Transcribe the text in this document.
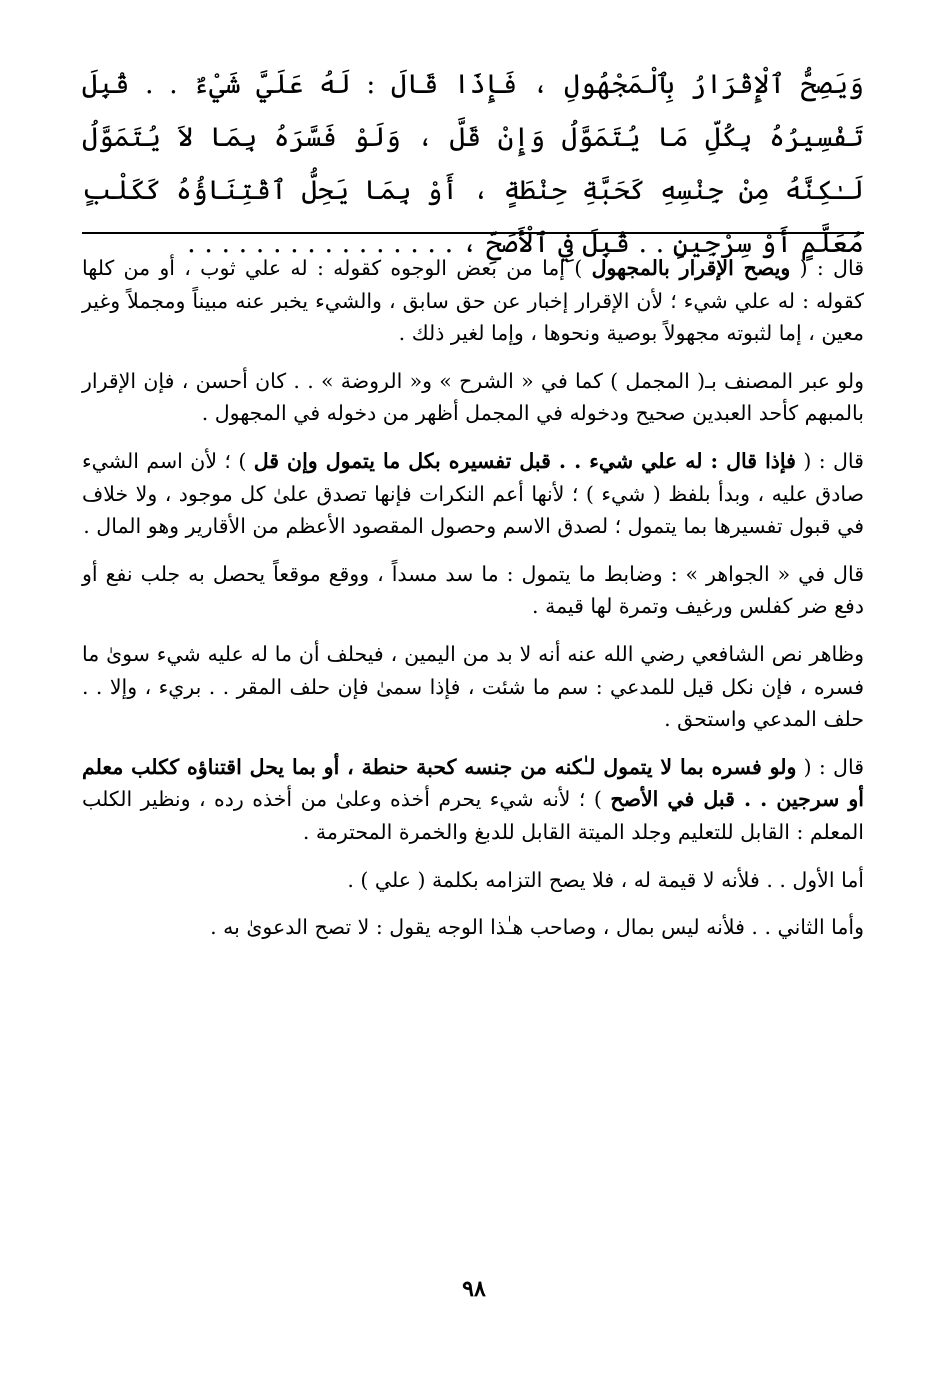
وَيَصِحُّ ٱلْإِقْرَارُ بِٱلْمَجْهُولِ ، فَإِذَا قَالَ : لَهُ عَلَيَّ شَيْءٌ . . قُبِلَ تَفْسِيرُهُ بِكُلِّ مَا يُتَمَوَّلُ وَإِنْ قَلَّ ، وَلَوْ فَسَّرَهُ بِمَا لاَ يُتَمَوَّلُ لَـٰكِنَّهُ مِنْ جِنْسِهِ كَحَبَّةِ حِنْطَةٍ ، أَوْ بِمَا يَحِلُّ ٱقْتِنَاؤُهُ كَكَلْبٍ مُعَلَّمٍ أَوْ سِرْجِينٍ . . قُبِلَ فِي ٱلْأَصَحِّ ، . . . . . . . . . . . . . . . .

قال : ( ويصح الإقرار بالمجهول ) إما من بعض الوجوه كقوله : له علي ثوب ، أو من كلها كقوله : له علي شيء ؛ لأن الإقرار إخبار عن حق سابق ، والشيء يخبر عنه مبيناً ومجملاً وغير معين ، إما لثبوته مجهولاً بوصية ونحوها ، وإما لغير ذلك .

ولو عبر المصنف بـ( المجمل ) كما في « الشرح » و« الروضة » . . كان أحسن ، فإن الإقرار بالمبهم كأحد العبدين صحيح ودخوله في المجمل أظهر من دخوله في المجهول .

قال : ( فإذا قال : له علي شيء . . قبل تفسيره بكل ما يتمول وإن قل ) ؛ لأن اسم الشيء صادق عليه ، وبدأ بلفظ ( شيء ) ؛ لأنها أعم النكرات فإنها تصدق علىٰ كل موجود ، ولا خلاف في قبول تفسيرها بما يتمول ؛ لصدق الاسم وحصول المقصود الأعظم من الأقارير وهو المال .

قال في « الجواهر » : وضابط ما يتمول : ما سد مسداً ، ووقع موقعاً يحصل به جلب نفع أو دفع ضر كفلس ورغيف وتمرة لها قيمة .

وظاهر نص الشافعي رضي الله عنه أنه لا بد من اليمين ، فيحلف أن ما له عليه شيء سوىٰ ما فسره ، فإن نكل قيل للمدعي : سم ما شئت ، فإذا سمىٰ فإن حلف المقر . . بريء ، وإلا . . حلف المدعي واستحق .

قال : ( ولو فسره بما لا يتمول لـٰكنه من جنسه كحبة حنطة ، أو بما يحل اقتناؤه ككلب معلم أو سرجين . . قبل في الأصح ) ؛ لأنه شيء يحرم أخذه وعلىٰ من أخذه رده ، ونظير الكلب المعلم : القابل للتعليم وجلد الميتة القابل للدبغ والخمرة المحترمة .

أما الأول . . فلأنه لا قيمة له ، فلا يصح التزامه بكلمة ( علي ) .

وأما الثاني . . فلأنه ليس بمال ، وصاحب هـٰذا الوجه يقول : لا تصح الدعوىٰ به .

٩٨
